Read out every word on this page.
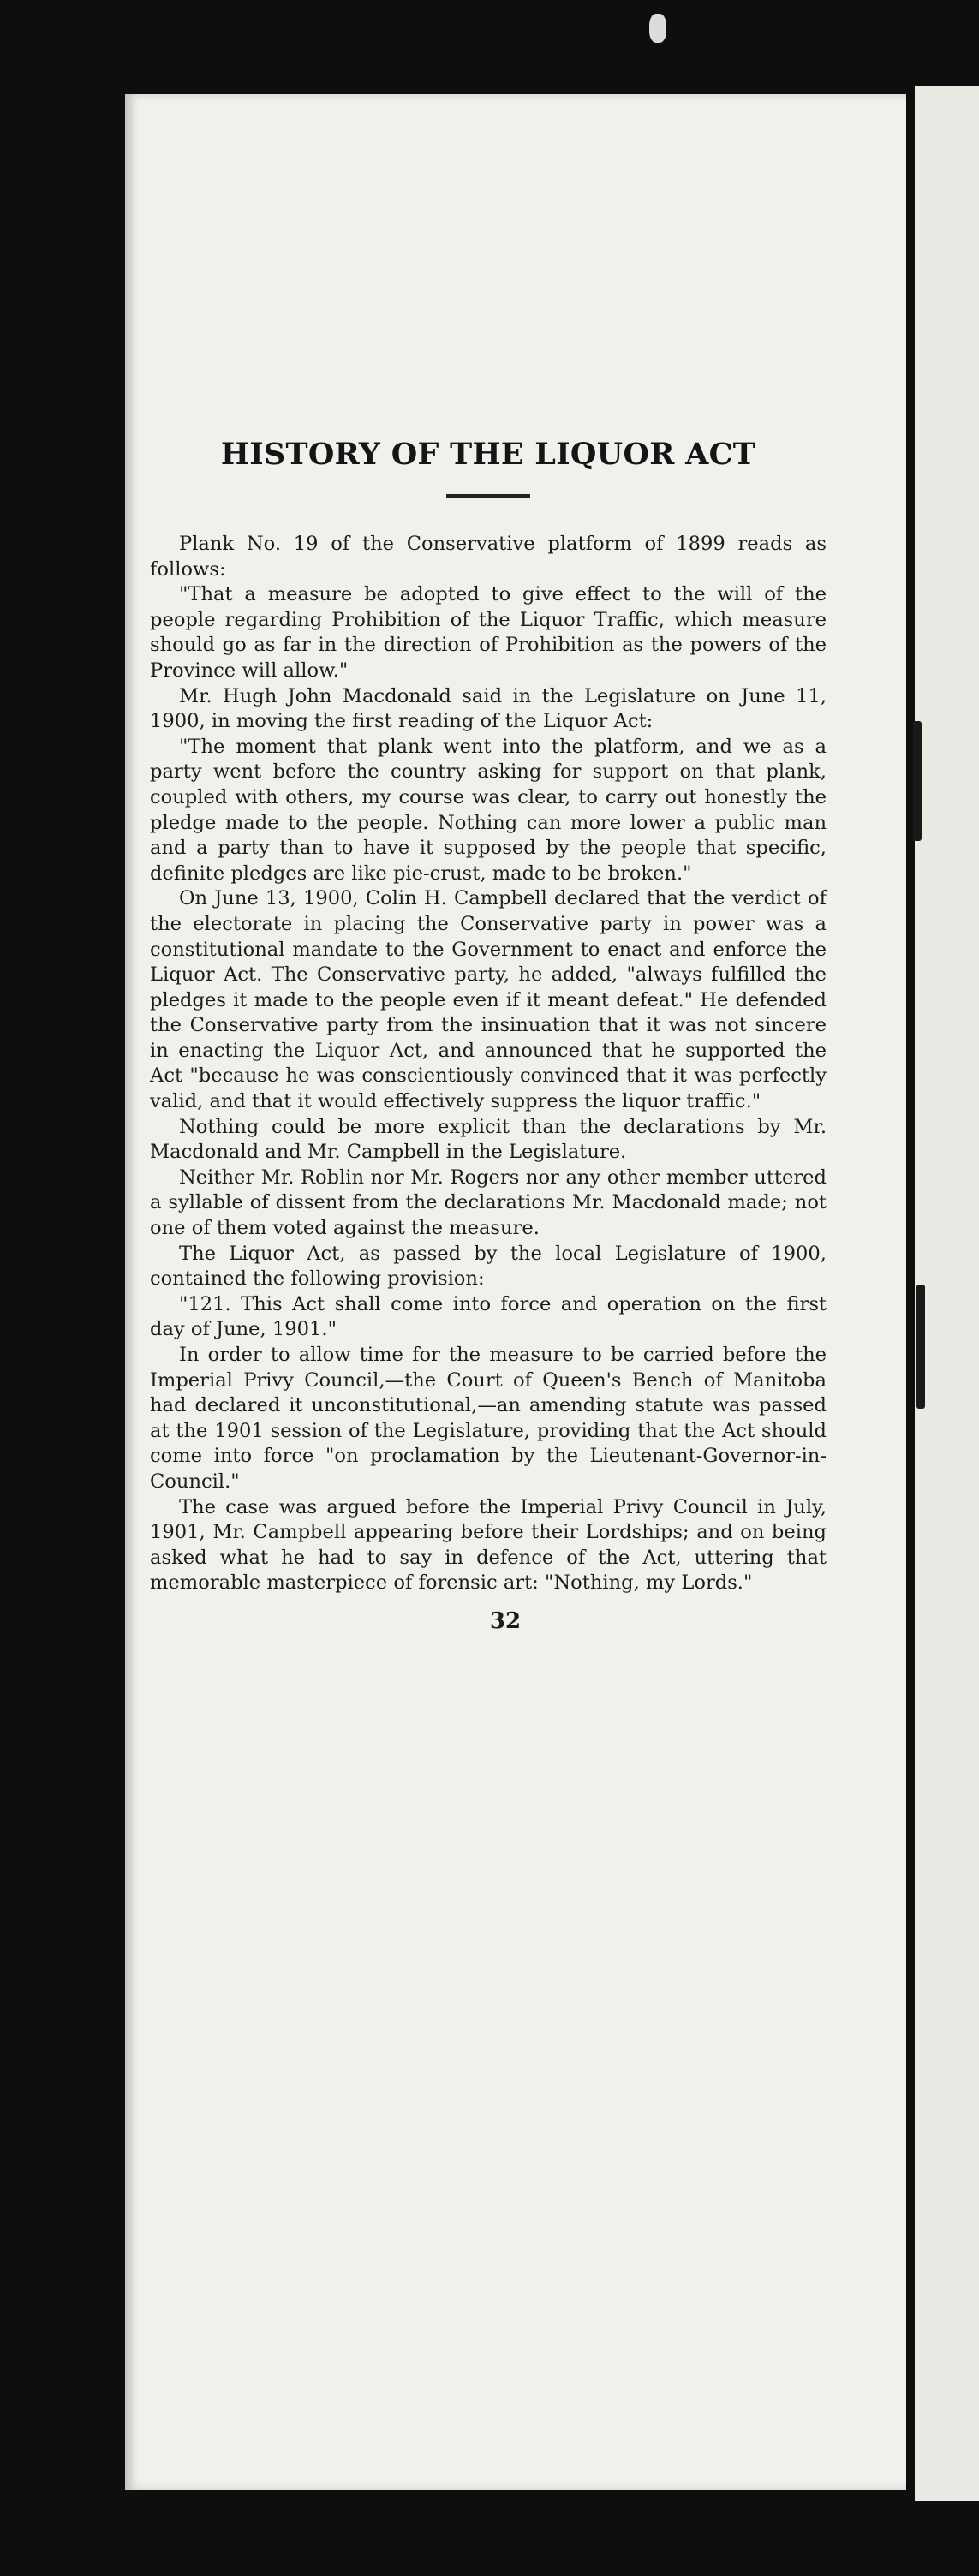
HISTORY OF THE LIQUOR ACT

Plank No. 19 of the Conservative platform of 1899 reads as follows:

"That a measure be adopted to give effect to the will of the people regarding Prohibition of the Liquor Traffic, which measure should go as far in the direction of Prohibition as the powers of the Province will allow."

Mr. Hugh John Macdonald said in the Legislature on June 11, 1900, in moving the first reading of the Liquor Act:

"The moment that plank went into the platform, and we as a party went before the country asking for support on that plank, coupled with others, my course was clear, to carry out honestly the pledge made to the people. Nothing can more lower a public man and a party than to have it supposed by the people that specific, definite pledges are like pie-crust, made to be broken."

On June 13, 1900, Colin H. Campbell declared that the verdict of the electorate in placing the Conservative party in power was a constitutional mandate to the Government to enact and enforce the Liquor Act. The Conservative party, he added, "always fulfilled the pledges it made to the people even if it meant defeat." He defended the Conservative party from the insinuation that it was not sincere in enacting the Liquor Act, and announced that he supported the Act "because he was conscientiously convinced that it was perfectly valid, and that it would effectively suppress the liquor traffic."

Nothing could be more explicit than the declarations by Mr. Macdonald and Mr. Campbell in the Legislature.

Neither Mr. Roblin nor Mr. Rogers nor any other member uttered a syllable of dissent from the declarations Mr. Macdonald made; not one of them voted against the measure.

The Liquor Act, as passed by the local Legislature of 1900, contained the following provision:

"121. This Act shall come into force and operation on the first day of June, 1901."

In order to allow time for the measure to be carried before the Imperial Privy Council,—the Court of Queen's Bench of Manitoba had declared it unconstitutional,—an amending statute was passed at the 1901 session of the Legislature, providing that the Act should come into force "on proclamation by the Lieutenant-Governor-in-Council."

The case was argued before the Imperial Privy Council in July, 1901, Mr. Campbell appearing before their Lordships; and on being asked what he had to say in defence of the Act, uttering that memorable masterpiece of forensic art: "Nothing, my Lords."

32
